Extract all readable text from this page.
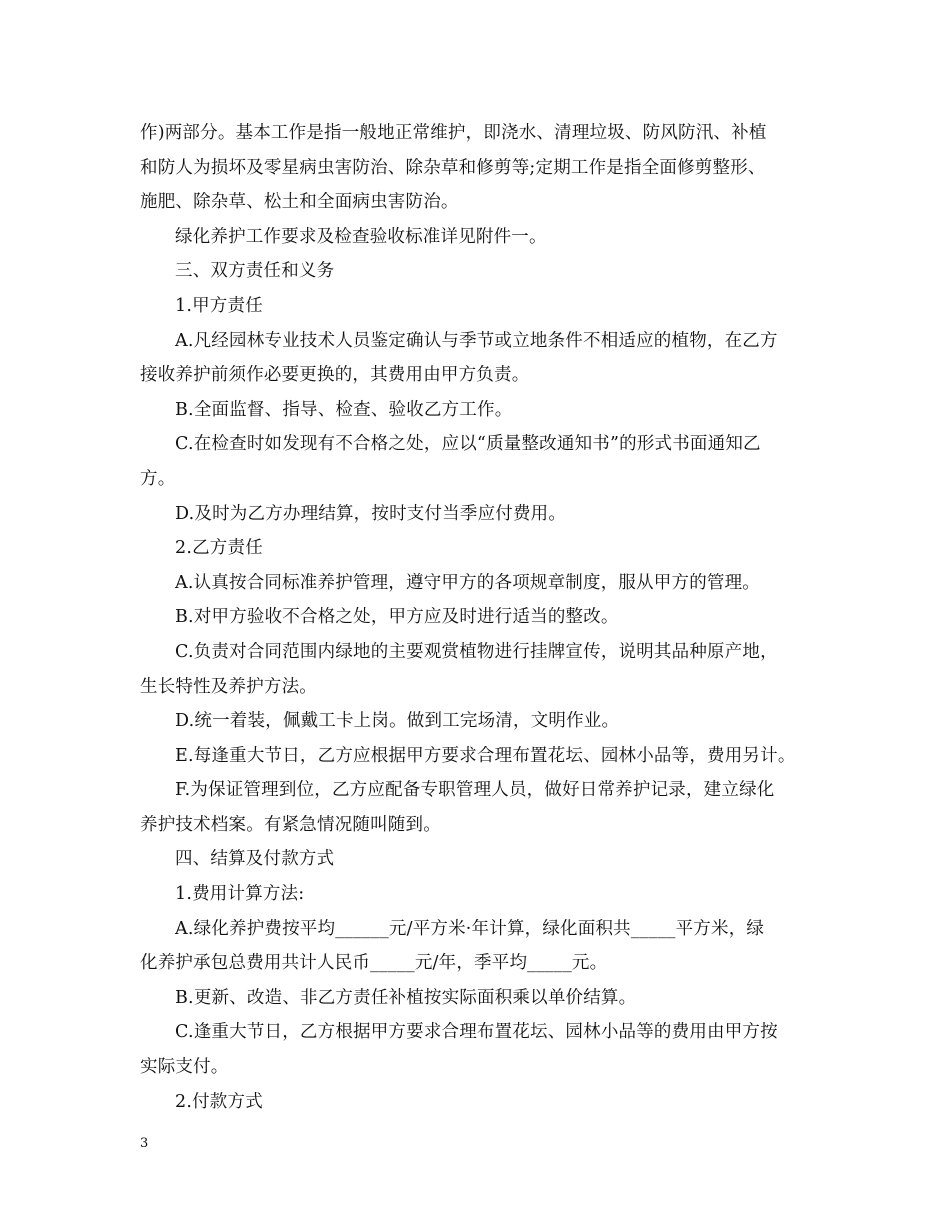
作)两部分。基本工作是指一般地正常维护，即浇水、清理垃圾、防风防汛、补植
和防人为损坏及零星病虫害防治、除杂草和修剪等;定期工作是指全面修剪整形、
施肥、除杂草、松土和全面病虫害防治。
绿化养护工作要求及检查验收标准详见附件一。
三、双方责任和义务
1.甲方责任
A.凡经园林专业技术人员鉴定确认与季节或立地条件不相适应的植物，在乙方
接收养护前须作必要更换的，其费用由甲方负责。
B.全面监督、指导、检查、验收乙方工作。
C.在检查时如发现有不合格之处，应以“质量整改通知书”的形式书面通知乙
方。
D.及时为乙方办理结算，按时支付当季应付费用。
2.乙方责任
A.认真按合同标准养护管理，遵守甲方的各项规章制度，服从甲方的管理。
B.对甲方验收不合格之处，甲方应及时进行适当的整改。
C.负责对合同范围内绿地的主要观赏植物进行挂牌宣传，说明其品种原产地，
生长特性及养护方法。
D.统一着装，佩戴工卡上岗。做到工完场清，文明作业。
E.每逢重大节日，乙方应根据甲方要求合理布置花坛、园林小品等，费用另计。
F.为保证管理到位，乙方应配备专职管理人员，做好日常养护记录，建立绿化
养护技术档案。有紧急情况随叫随到。
四、结算及付款方式
1.费用计算方法:
A.绿化养护费按平均______元/平方米·年计算，绿化面积共_____平方米，绿
化养护承包总费用共计人民币_____元/年，季平均_____元。
B.更新、改造、非乙方责任补植按实际面积乘以单价结算。
C.逢重大节日，乙方根据甲方要求合理布置花坛、园林小品等的费用由甲方按
实际支付。
2.付款方式
3
